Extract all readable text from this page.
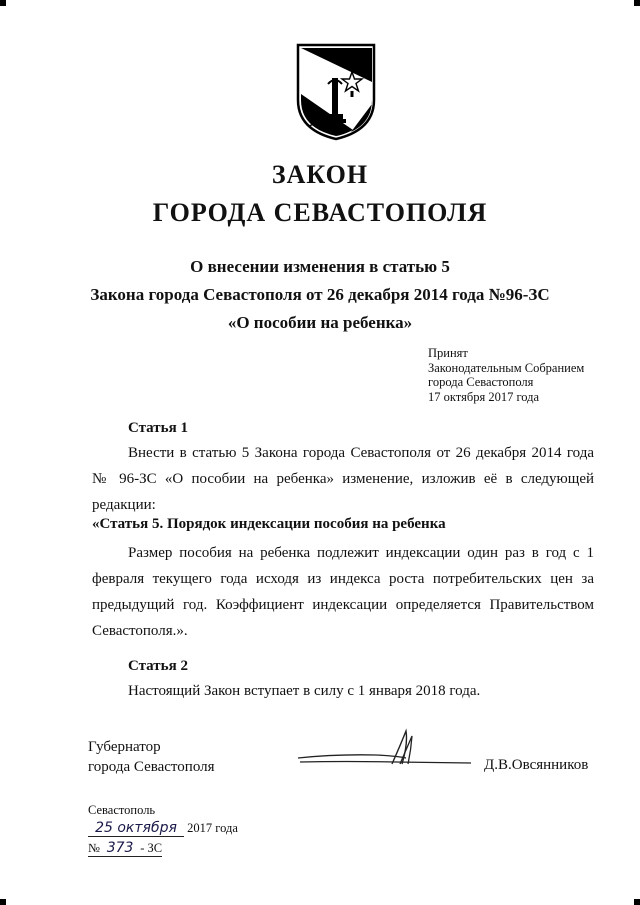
ЗАКОН
ГОРОДА СЕВАСТОПОЛЯ
О внесении изменения в статью 5
Закона города Севастополя от 26 декабря 2014 года №96-ЗС
«О пособии на ребенка»
Принят
Законодательным Собранием
города Севастополя
17 октября 2017 года
Статья 1
Внести в статью 5 Закона города Севастополя от 26 декабря 2014 года № 96-ЗС «О пособии на ребенка» изменение, изложив её в следующей редакции:
«Статья 5. Порядок индексации пособия на ребенка
Размер пособия на ребенка подлежит индексации один раз в год с 1 февраля текущего года исходя из индекса роста потребительских цен за предыдущий год. Коэффициент индексации определяется Правительством Севастополя.».
Статья 2
Настоящий Закон вступает в силу с 1 января 2018 года.
Губернатор
города Севастополя	Д.В.Овсянников
Севастополь
25 октября 2017 года
№ 373 - ЗС
